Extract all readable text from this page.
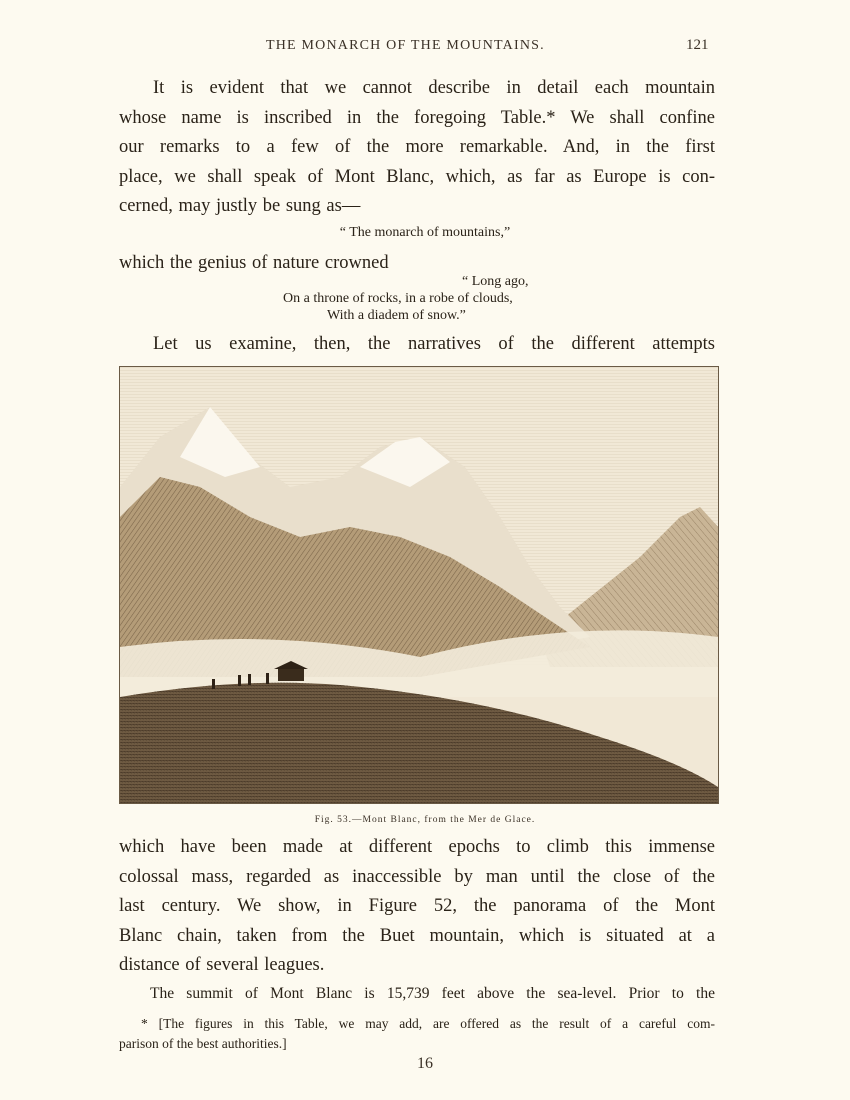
THE MONARCH OF THE MOUNTAINS.	121
It is evident that we cannot describe in detail each mountain
whose name is inscribed in the foregoing Table.* We shall confine
our remarks to a few of the more remarkable. And, in the first
place, we shall speak of Mont Blanc, which, as far as Europe is con-
cerned, may justly be sung as—
“ The monarch of mountains,”
which the genius of nature crowned
“ Long ago,
On a throne of rocks, in a robe of clouds,
With a diadem of snow.”
Let us examine, then, the narratives of the different attempts
Fig. 53.—Mont Blanc, from the Mer de Glace.
which have been made at different epochs to climb this immense
colossal mass, regarded as inaccessible by man until the close of the
last century. We show, in Figure 52, the panorama of the Mont
Blanc chain, taken from the Buet mountain, which is situated at a
distance of several leagues.
The summit of Mont Blanc is 15,739 feet above the sea-level. Prior to the
* [The figures in this Table, we may add, are offered as the result of a careful com-
parison of the best authorities.]
16
